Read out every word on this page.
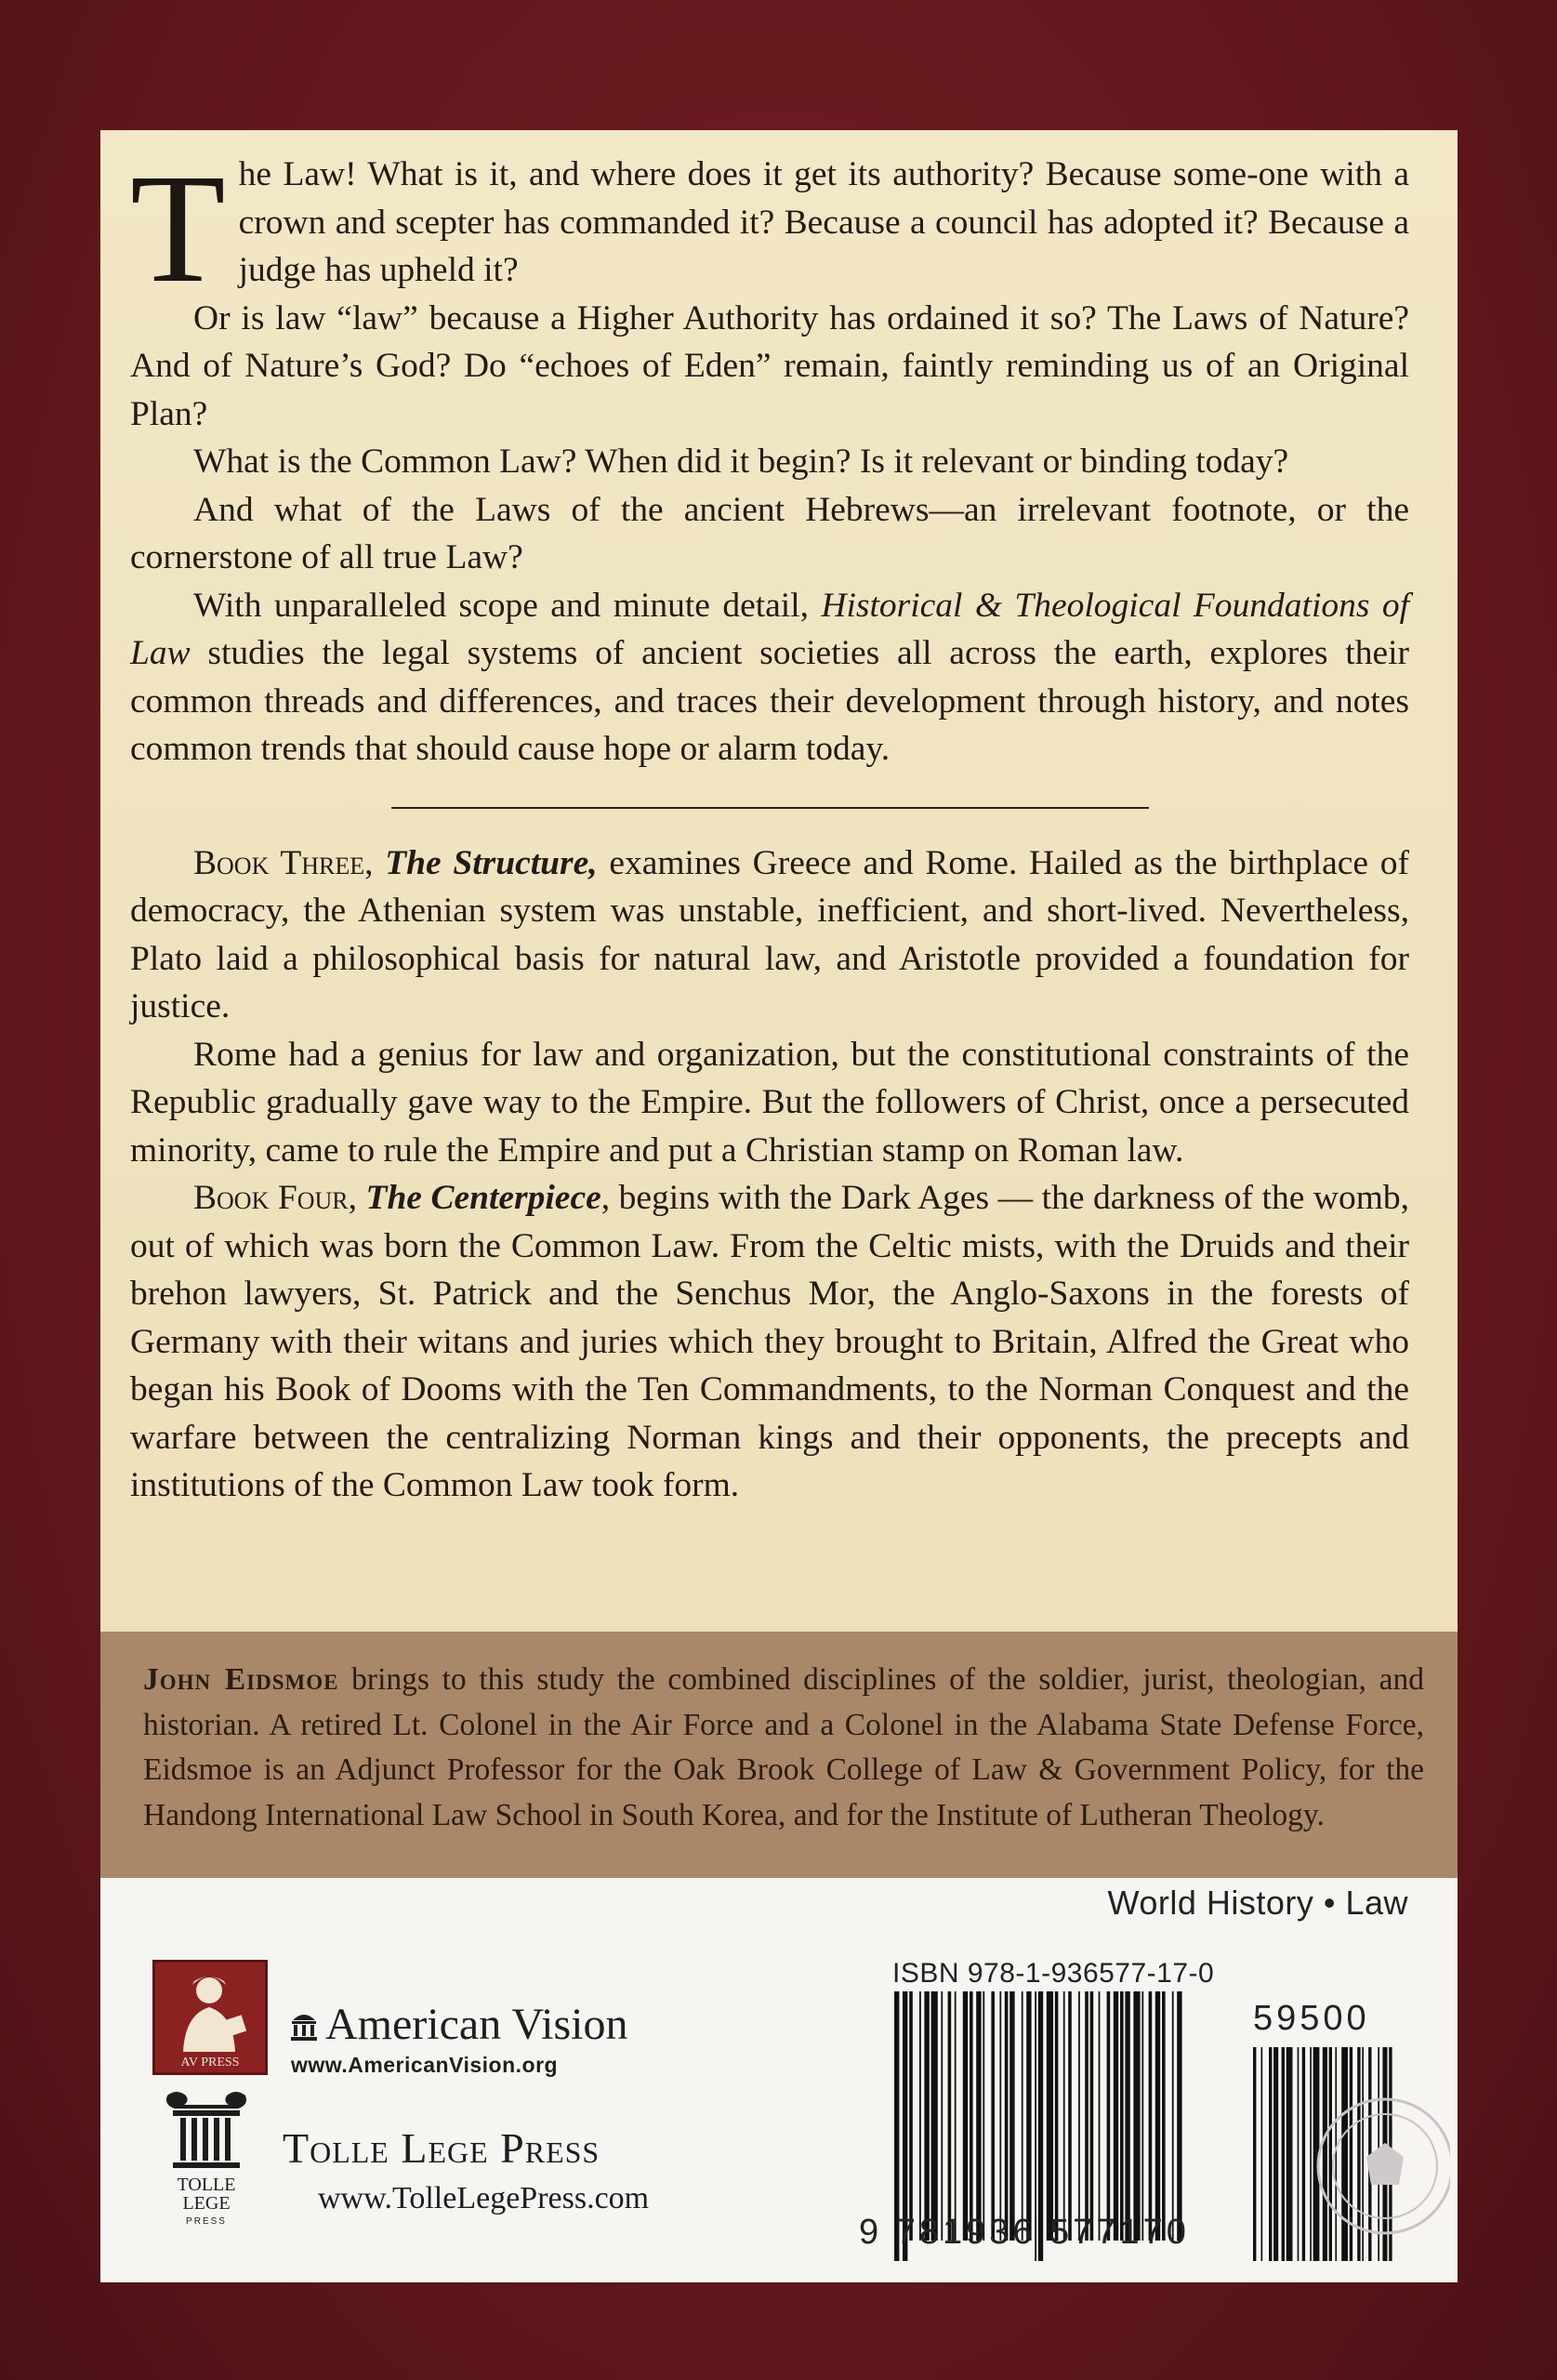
The Law! What is it, and where does it get its authority? Because some-one with a crown and scepter has commanded it? Because a council has adopted it? Because a judge has upheld it?

Or is law “law” because a Higher Authority has ordained it so? The Laws of Nature? And of Nature’s God? Do “echoes of Eden” remain, faintly reminding us of an Original Plan?

What is the Common Law? When did it begin? Is it relevant or binding today?

And what of the Laws of the ancient Hebrews—an irrelevant footnote, or the cornerstone of all true Law?

With unparalleled scope and minute detail, Historical & Theological Foundations of Law studies the legal systems of ancient societies all across the earth, explores their common threads and differences, and traces their development through history, and notes common trends that should cause hope or alarm today.

Book Three, The Structure, examines Greece and Rome. Hailed as the birthplace of democracy, the Athenian system was unstable, inefficient, and short-lived. Nevertheless, Plato laid a philosophical basis for natural law, and Aristotle provided a foundation for justice.

Rome had a genius for law and organization, but the constitutional constraints of the Republic gradually gave way to the Empire. But the followers of Christ, once a persecuted minority, came to rule the Empire and put a Christian stamp on Roman law.

Book Four, The Centerpiece, begins with the Dark Ages — the darkness of the womb, out of which was born the Common Law. From the Celtic mists, with the Druids and their brehon lawyers, St. Patrick and the Senchus Mor, the Anglo-Saxons in the forests of Germany with their witans and juries which they brought to Britain, Alfred the Great who began his Book of Dooms with the Ten Commandments, to the Norman Conquest and the warfare between the centralizing Norman kings and their opponents, the precepts and institutions of the Common Law took form.

John Eidsmoe brings to this study the combined disciplines of the soldier, jurist, theologian, and historian. A retired Lt. Colonel in the Air Force and a Colonel in the Alabama State Defense Force, Eidsmoe is an Adjunct Professor for the Oak Brook College of Law & Government Policy, for the Handong International Law School in South Korea, and for the Institute of Lutheran Theology.

World History • Law
AV PRESS
American Vision
www.AmericanVision.org
TOLLE
LEGE
PRESS
Tolle Lege Press
www.TolleLegePress.com
ISBN 978-1-936577-17-0
59500
9 781936 577170
